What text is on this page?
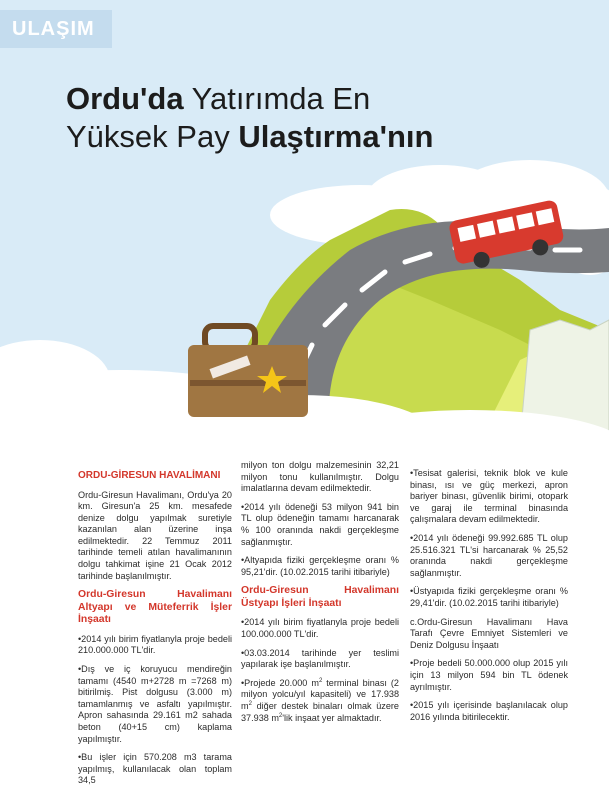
ULAŞIM
Ordu'da Yatırımda En
Yüksek Pay Ulaştırma'nın

ORDU-GİRESUN HAVALİMANI

Ordu-Giresun Havalimanı, Ordu'ya 20 km. Giresun'a 25 km. mesafede denize dolgu yapılmak suretiyle kazanılan alan üzerine inşa edilmektedir. 22 Temmuz 2011 tarihinde temeli atılan havalimanının dolgu tahkimat işine 21 Ocak 2012 tarihinde başlanılmıştır.

Ordu-Giresun Havalimanı Altyapı ve Müteferrik İşler İnşaatı

•2014 yılı birim fiyatlanyla proje bedeli 210.000.000 TL'dir.

•Dış ve iç koruyucu mendireğin tamamı (4540 m+2728 m =7268 m) bitirilmiş. Pist dolgusu (3.000 m) tamamlanmış ve asfaltı yapılmıştır. Apron sahasında 29.161 m2 sahada beton (40+15 cm) kaplama yapılmıştır.

•Bu işler için 570.208 m3 tarama yapılmış, kullanılacak olan toplam 34,5

milyon ton dolgu malzemesinin 32,21 milyon tonu kullanılmıştır. Dolgu imalatlarına devam edilmektedir.

•2014 yılı ödeneği 53 milyon 941 bin TL olup ödeneğin tamamı harcanarak % 100 oranında nakdi gerçekleşme sağlanmıştır.

•Altyapıda fiziki gerçekleşme oranı % 95,21'dir. (10.02.2015 tarihi itibariyle)

Ordu-Giresun Havalimanı Üstyapı İşleri İnşaatı

•2014 yılı birim fiyatlanyla proje bedeli 100.000.000 TL'dir.

•03.03.2014 tarihinde yer teslimi yapılarak işe başlanılmıştır.

•Projede 20.000 $m^2$ terminal binası (2 milyon yolcu/yıl kapasiteli) ve 17.938 $m^2$ diğer destek binaları olmak üzere 37.938 $m^2'lik$ inşaat yer almaktadır.

•Tesisat galerisi, teknik blok ve kule binası, ısı ve güç merkezi, apron bariyer binası, güvenlik birimi, otopark ve garaj ile terminal binasında çalışmalara devam edilmektedir.

•2014 yılı ödeneği 99.992.685 TL olup 25.516.321 TL'si harcanarak % 25,52 oranında nakdi gerçekleşme sağlanmıştır.

•Üstyapıda fiziki gerçekleşme oranı % 29,41'dir. (10.02.2015 tarihi itibariyle)

c.Ordu-Giresun Havalimanı Hava Tarafı Çevre Emniyet Sistemleri ve Deniz Dolgusu İnşaatı

•Proje bedeli 50.000.000 olup 2015 yılı için 13 milyon 594 bin TL ödenek ayrılmıştır.

•2015 yılı içerisinde başlanılacak olup 2016 yılında bitirilecektir.
